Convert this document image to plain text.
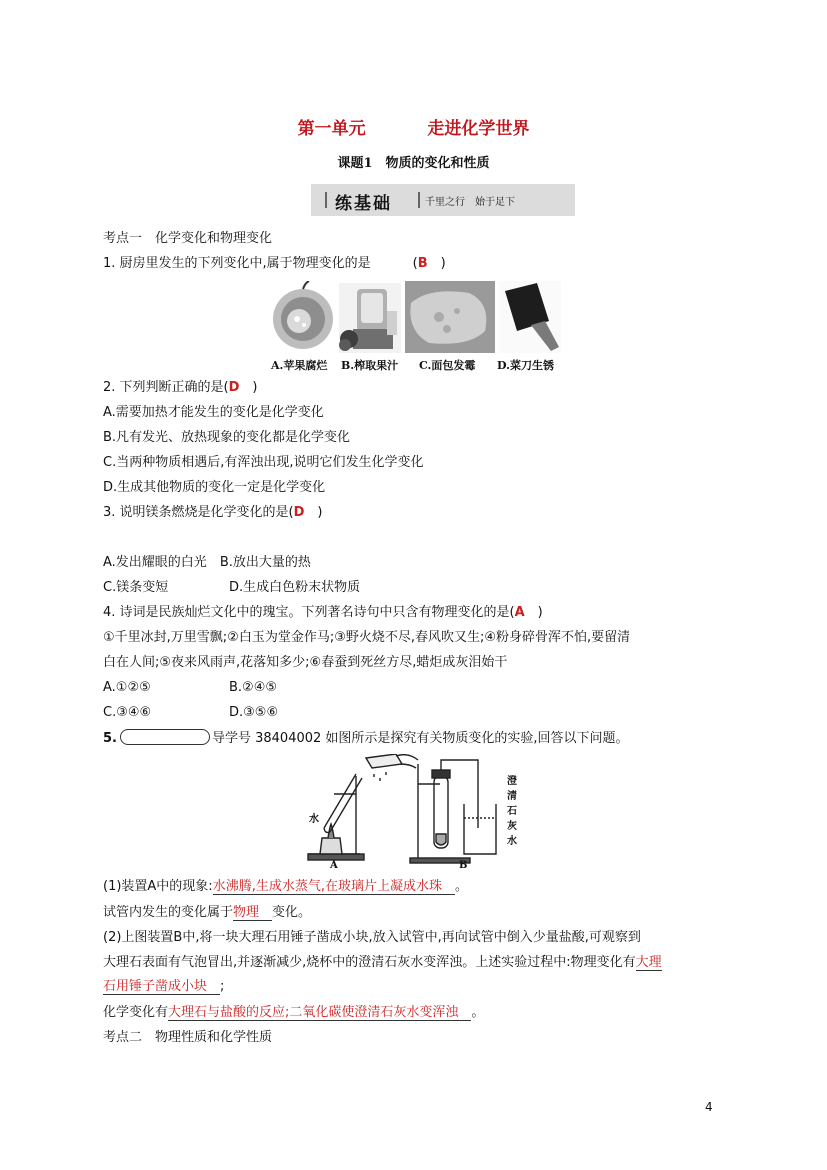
第一单元	走进化学世界
课题1　物质的变化和性质
练基础	千里之行　始于足下
考点一　化学变化和物理变化
1. 厨房里发生的下列变化中,属于物理变化的是	(B　)
A.苹果腐烂 B.榨取果汁 C.面包发霉 D.菜刀生锈
2. 下列判断正确的是(D　)
A.需要加热才能发生的变化是化学变化
B.凡有发光、放热现象的变化都是化学变化
C.当两种物质相遇后,有浑浊出现,说明它们发生化学变化
D.生成其他物质的变化一定是化学变化
3. 说明镁条燃烧是化学变化的是(D　)
A.发出耀眼的白光　 B.放出大量的热
C.镁条变短	D.生成白色粉末状物质
4. 诗词是民族灿烂文化中的瑰宝。下列著名诗句中只含有物理变化的是(A　)
①千里冰封,万里雪飘;②白玉为堂金作马;③野火烧不尽,春风吹又生;④粉身碎骨浑不怕,要留清
白在人间;⑤夜来风雨声,花落知多少;⑥春蚕到死丝方尽,蜡炬成灰泪始干
A.①②⑤	B.②④⑤
C.③④⑥	D.③⑤⑥
5.	导学号 38404002 如图所示是探究有关物质变化的实验,回答以下问题。
水
A	B
澄
清
石
灰
水
(1)装置A中的现象:水沸腾,生成水蒸气,在玻璃片上凝成水珠　 。
试管内发生的变化属于物理　 变化。
(2)上图装置B中,将一块大理石用锤子凿成小块,放入试管中,再向试管中倒入少量盐酸,可观察到
大理石表面有气泡冒出,并逐渐减少,烧杯中的澄清石灰水变浑浊。上述实验过程中:物理变化有大理
石用锤子凿成小块　 ;
化学变化有大理石与盐酸的反应;二氧化碳使澄清石灰水变浑浊　 。
考点二　物理性质和化学性质
4
